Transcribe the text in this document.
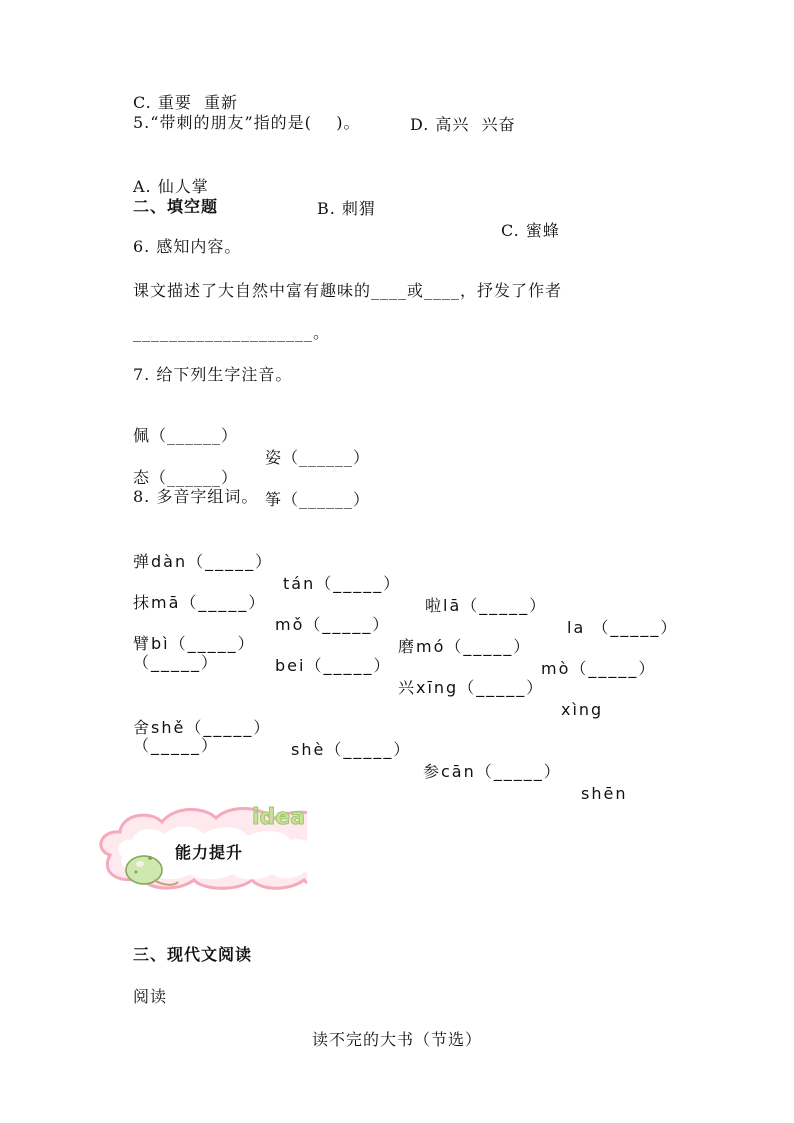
C. 重要  重新

D. 高兴  兴奋

5.“带刺的朋友”指的是(    )。

A. 仙人掌

B. 刺猬

C. 蜜蜂

二、填空题
6. 感知内容。
课文描述了大自然中富有趣味的____或____，抒发了作者
____________________。
7. 给下列生字注音。

佩（______）

姿（______）

态（______）

筝（______）

8. 多音字组词。

弹dàn（_____）

tán（_____）

啦lā（_____）

la （_____）

抹mā（_____）

mǒ（_____）

磨mó（_____）

mò（_____）

臂bì（_____）

bei（_____）

兴xīng（_____）

xìng

（_____）

舍shě（_____）

shè（_____）

参cān（_____）

shēn

（_____）
idea
能力提升
三、现代文阅读
阅读
读不完的大书（节选）
